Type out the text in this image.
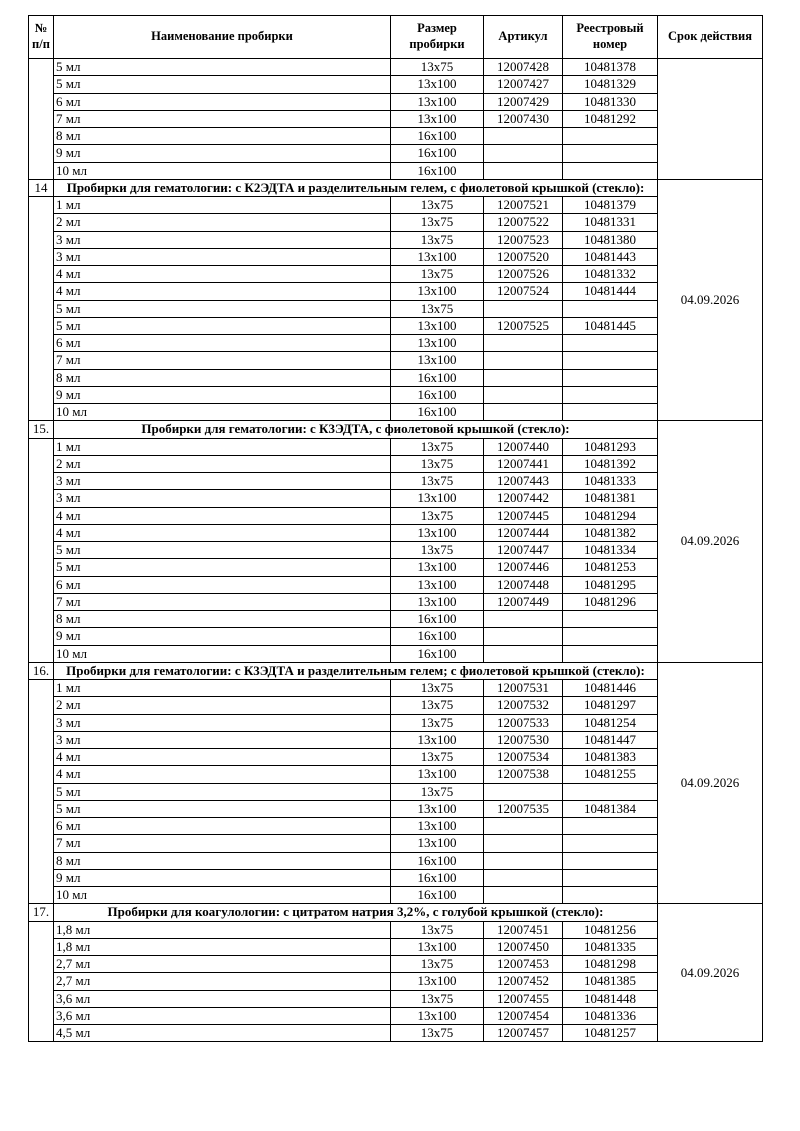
№ п/п	Наименование пробирки	Размер пробирки	Артикул	Реестровый номер	Срок действия
	5 мл	13x75	12007428	10481378	
	5 мл	13x100	12007427	10481329	
	6 мл	13x100	12007429	10481330	
	7 мл	13x100	12007430	10481292	
	8 мл	16x100			
	9 мл	16x100			
	10 мл	16x100			
14	Пробирки для гематологии: с К2ЭДТА и разделительным гелем, с фиолетовой крышкой (стекло):				04.09.2026
	1 мл	13x75	12007521	10481379	
	2 мл	13x75	12007522	10481331	
	3 мл	13x75	12007523	10481380	
	3 мл	13x100	12007520	10481443	
	4 мл	13x75	12007526	10481332	
	4 мл	13x100	12007524	10481444	
	5 мл	13x75			
	5 мл	13x100	12007525	10481445	
	6 мл	13x100			
	7 мл	13x100			
	8 мл	16x100			
	9 мл	16x100			
	10 мл	16x100			
15.	Пробирки для гематологии: с К3ЭДТА, с фиолетовой крышкой (стекло):				04.09.2026
	1 мл	13x75	12007440	10481293	
	2 мл	13x75	12007441	10481392	
	3 мл	13x75	12007443	10481333	
	3 мл	13x100	12007442	10481381	
	4 мл	13x75	12007445	10481294	
	4 мл	13x100	12007444	10481382	
	5 мл	13x75	12007447	10481334	
	5 мл	13x100	12007446	10481253	
	6 мл	13x100	12007448	10481295	
	7 мл	13x100	12007449	10481296	
	8 мл	16x100			
	9 мл	16x100			
	10 мл	16x100			
16.	Пробирки для гематологии: с К3ЭДТА и разделительным гелем; с фиолетовой крышкой (стекло):				04.09.2026
	1 мл	13x75	12007531	10481446	
	2 мл	13x75	12007532	10481297	
	3 мл	13x75	12007533	10481254	
	3 мл	13x100	12007530	10481447	
	4 мл	13x75	12007534	10481383	
	4 мл	13x100	12007538	10481255	
	5 мл	13x75			
	5 мл	13x100	12007535	10481384	
	6 мл	13x100			
	7 мл	13x100			
	8 мл	16x100			
	9 мл	16x100			
	10 мл	16x100			
17.	Пробирки для коагулологии: с цитратом натрия 3,2%, с голубой крышкой (стекло):				04.09.2026
	1,8 мл	13x75	12007451	10481256	
	1,8 мл	13x100	12007450	10481335	
	2,7 мл	13x75	12007453	10481298	
	2,7 мл	13x100	12007452	10481385	
	3,6 мл	13x75	12007455	10481448	
	3,6 мл	13x100	12007454	10481336	
	4,5 мл	13x75	12007457	10481257	
